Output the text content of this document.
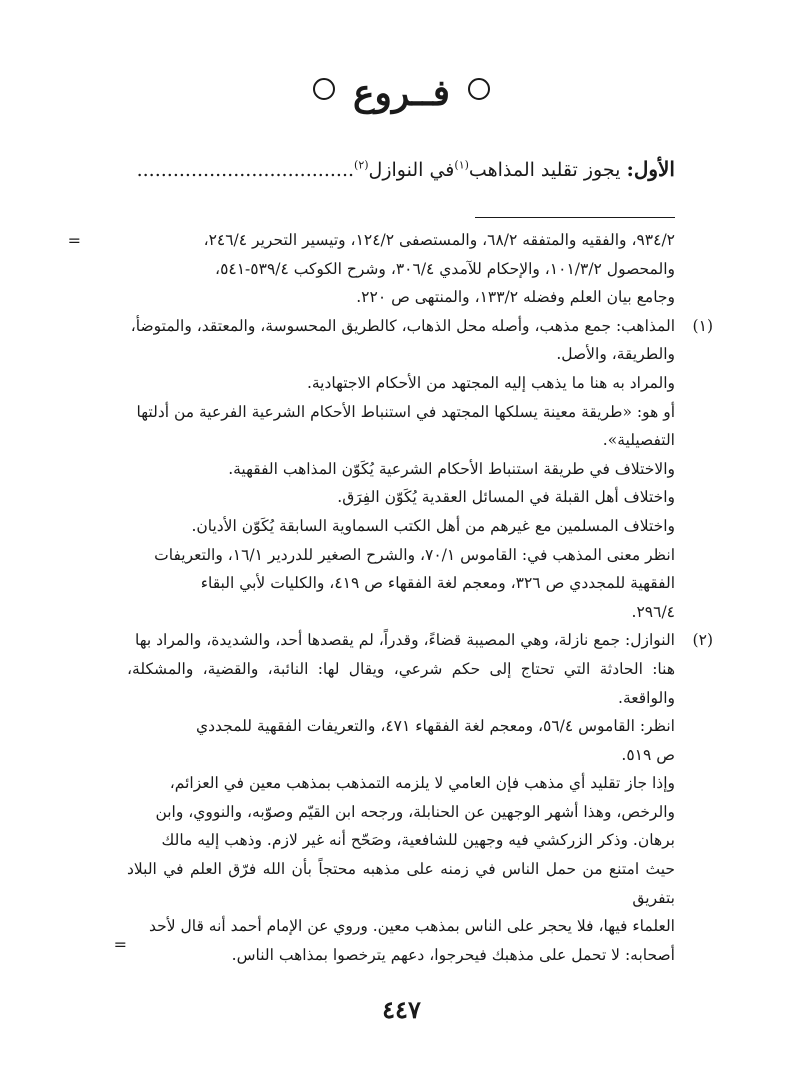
فــروع
الأول: يجوز تقليد المذاهب$^{(١)}$في النوازل$^{(٢)}$....................................
=
=

٩٣٤/٢، والفقيه والمتفقه ٦٨/٢، والمستصفى ١٢٤/٢، وتيسير التحرير ٢٤٦/٤،

والمحصول ١٠١/٣/٢، والإحكام للآمدي ٣٠٦/٤، وشرح الكوكب ٥٣٩/٤-٥٤١،

وجامع بيان العلم وفضله ١٣٣/٢، والمنتهى ص ٢٢٠.

(١)

المذاهب: جمع مذهب، وأصله محل الذهاب، كالطريق المحسوسة، والمعتقد، والمتوضأ،

والطريقة، والأصل.

والمراد به هنا ما يذهب إليه المجتهد من الأحكام الاجتهادية.

أو هو: «طريقة معينة يسلكها المجتهد في استنباط الأحكام الشرعية الفرعية من أدلتها

التفصيلية».

والاختلاف في طريقة استنباط الأحكام الشرعية يُكَوّن المذاهب الفقهية.

واختلاف أهل القبلة في المسائل العقدية يُكَوّن الفِرَق.

واختلاف المسلمين مع غيرهم من أهل الكتب السماوية السابقة يُكَوّن الأديان.

انظر معنى المذهب في: القاموس ٧٠/١، والشرح الصغير للدردير ١٦/١، والتعريفات

الفقهية للمجددي ص ٣٢٦، ومعجم لغة الفقهاء ص ٤١٩، والكليات لأبي البقاء

٢٩٦/٤.

(٢)

النوازل: جمع نازلة، وهي المصيبة قضاءً، وقدراً، لم يقصدها أحد، والشديدة، والمراد بها

هنا: الحادثة التي تحتاج إلى حكم شرعي، ويقال لها: النائبة، والقضية، والمشكلة، والواقعة.

انظر: القاموس ٥٦/٤، ومعجم لغة الفقهاء ٤٧١، والتعريفات الفقهية للمجددي

ص ٥١٩.

وإذا جاز تقليد أي مذهب فإن العامي لا يلزمه التمذهب بمذهب معين في العزائم،

والرخص، وهذا أشهر الوجهين عن الحنابلة، ورجحه ابن القيّم وصوّبه، والنووي، وابن

برهان. وذكر الزركشي فيه وجهين للشافعية، وصَحّح أنه غير لازم. وذهب إليه مالك

حيث امتنع من حمل الناس في زمنه على مذهبه محتجاً بأن الله فرّق العلم في البلاد بتفريق

العلماء فيها، فلا يحجر على الناس بمذهب معين. وروي عن الإمام أحمد أنه قال لأحد

أصحابه: لا تحمل على مذهبك فيحرجوا، دعهم يترخصوا بمذاهب الناس.

٤٤٧
